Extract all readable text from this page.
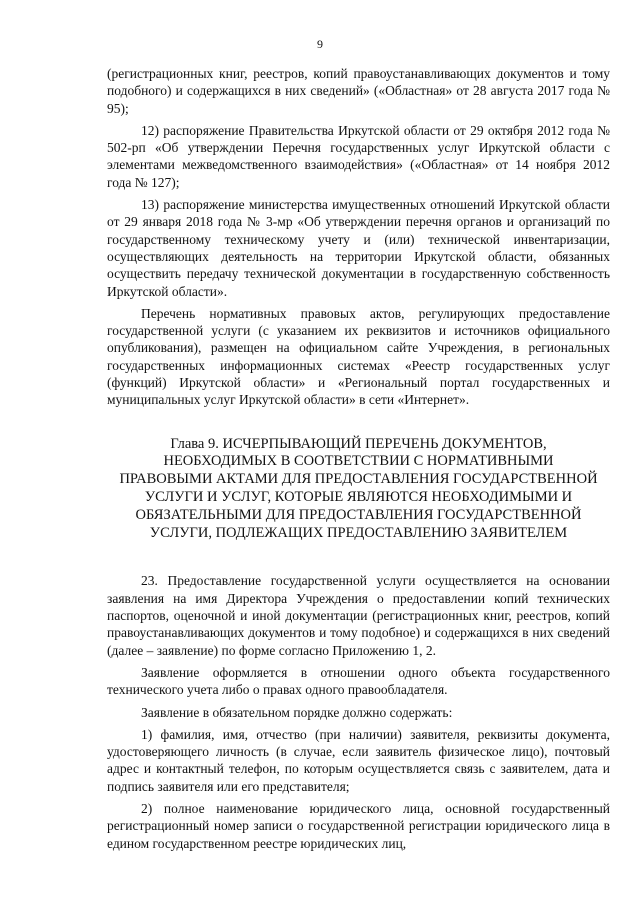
9

(регистрационных книг, реестров, копий правоустанавливающих документов и тому подобного) и содержащихся в них сведений» («Областная» от 28 августа 2017 года № 95);

12) распоряжение Правительства Иркутской области от 29 октября 2012 года № 502-рп «Об утверждении Перечня государственных услуг Иркутской области с элементами межведомственного взаимодействия» («Областная» от 14 ноября 2012 года № 127);

13) распоряжение министерства имущественных отношений Иркутской области от 29 января 2018 года № 3-мр «Об утверждении перечня органов и организаций по государственному техническому учету и (или) технической инвентаризации, осуществляющих деятельность на территории Иркутской области, обязанных осуществить передачу технической документации в государственную собственность Иркутской области».

Перечень нормативных правовых актов, регулирующих предоставление государственной услуги (с указанием их реквизитов и источников официального опубликования), размещен на официальном сайте Учреждения, в региональных государственных информационных системах «Реестр государственных услуг (функций) Иркутской области» и «Региональный портал государственных и муниципальных услуг Иркутской области» в сети «Интернет».

Глава 9. ИСЧЕРПЫВАЮЩИЙ ПЕРЕЧЕНЬ ДОКУМЕНТОВ,
НЕОБХОДИМЫХ В СООТВЕТСТВИИ С НОРМАТИВНЫМИ
ПРАВОВЫМИ АКТАМИ ДЛЯ ПРЕДОСТАВЛЕНИЯ ГОСУДАРСТВЕННОЙ
УСЛУГИ И УСЛУГ, КОТОРЫЕ ЯВЛЯЮТСЯ НЕОБХОДИМЫМИ И
ОБЯЗАТЕЛЬНЫМИ ДЛЯ ПРЕДОСТАВЛЕНИЯ ГОСУДАРСТВЕННОЙ
УСЛУГИ, ПОДЛЕЖАЩИХ ПРЕДОСТАВЛЕНИЮ ЗАЯВИТЕЛЕМ

23. Предоставление государственной услуги осуществляется на основании заявления на имя Директора Учреждения о предоставлении копий технических паспортов, оценочной и иной документации (регистрационных книг, реестров, копий правоустанавливающих документов и тому подобное) и содержащихся в них сведений (далее – заявление) по форме согласно Приложению 1, 2.

Заявление оформляется в отношении одного объекта государственного технического учета либо о правах одного правообладателя.

Заявление в обязательном порядке должно содержать:

1) фамилия, имя, отчество (при наличии) заявителя, реквизиты документа, удостоверяющего личность (в случае, если заявитель физическое лицо), почтовый адрес и контактный телефон, по которым осуществляется связь с заявителем, дата и подпись заявителя или его представителя;

2) полное наименование юридического лица, основной государственный регистрационный номер записи о государственной регистрации юридического лица в едином государственном реестре юридических лиц,
